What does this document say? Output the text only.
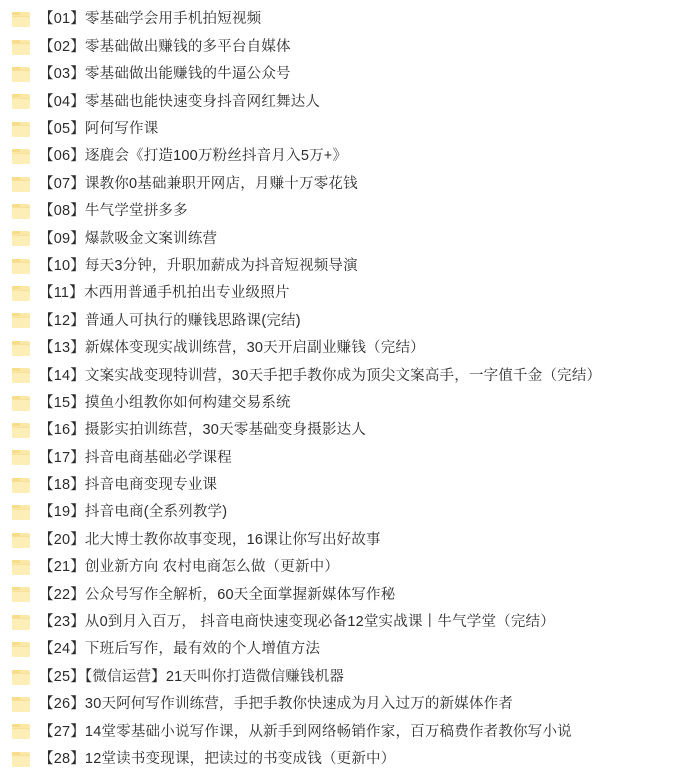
【01】零基础学会用手机拍短视频
【02】零基础做出赚钱的多平台自媒体
【03】零基础做出能赚钱的牛逼公众号
【04】零基础也能快速变身抖音网红舞达人
【05】阿何写作课
【06】逐鹿会《打造100万粉丝抖音月入5万+》
【07】课教你0基础兼职开网店，月赚十万零花钱
【08】牛气学堂拼多多
【09】爆款吸金文案训练营
【10】每天3分钟，升职加薪成为抖音短视频导演
【11】木西用普通手机拍出专业级照片
【12】普通人可执行的赚钱思路课(完结)
【13】新媒体变现实战训练营，30天开启副业赚钱（完结）
【14】文案实战变现特训营，30天手把手教你成为顶尖文案高手，一字值千金（完结）
【15】摸鱼小组教你如何构建交易系统
【16】摄影实拍训练营，30天零基础变身摄影达人
【17】抖音电商基础必学课程
【18】抖音电商变现专业课
【19】抖音电商(全系列教学)
【20】北大博士教你故事变现，16课让你写出好故事
【21】创业新方向 农村电商怎么做（更新中）
【22】公众号写作全解析，60天全面掌握新媒体写作秘
【23】从0到月入百万， 抖音电商快速变现必备12堂实战课丨牛气学堂（完结）
【24】下班后写作，最有效的个人增值方法
【25】【微信运营】21天叫你打造微信赚钱机器
【26】30天阿何写作训练营，手把手教你快速成为月入过万的新媒体作者
【27】14堂零基础小说写作课，从新手到网络畅销作家，百万稿费作者教你写小说
【28】12堂读书变现课，把读过的书变成钱（更新中）
